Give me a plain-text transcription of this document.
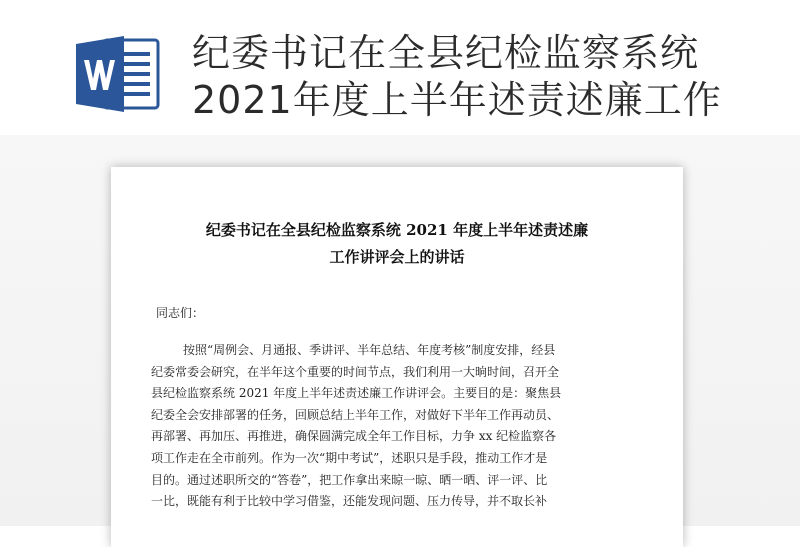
纪委书记在全县纪检监察系统2021年度上半年述责述廉工作
纪委书记在全县纪检监察系统 2021 年度上半年述责述廉
工作讲评会上的讲话
同志们：
按照“周例会、月通报、季讲评、半年总结、年度考核”制度安排，经县
纪委常委会研究，在半年这个重要的时间节点，我们利用一大晌时间，召开全
县纪检监察系统 2021 年度上半年述责述廉工作讲评会。主要目的是：聚焦县
纪委全会安排部署的任务，回顾总结上半年工作，对做好下半年工作再动员、
再部署、再加压、再推进，确保圆满完成全年工作目标，力争 xx 纪检监察各
项工作走在全市前列。作为一次“期中考试”，述职只是手段，推动工作才是
目的。通过述职所交的“答卷”，把工作拿出来晾一晾、晒一晒、评一评、比
一比，既能有利于比较中学习借鉴，还能发现问题、压力传导，并不取长补
